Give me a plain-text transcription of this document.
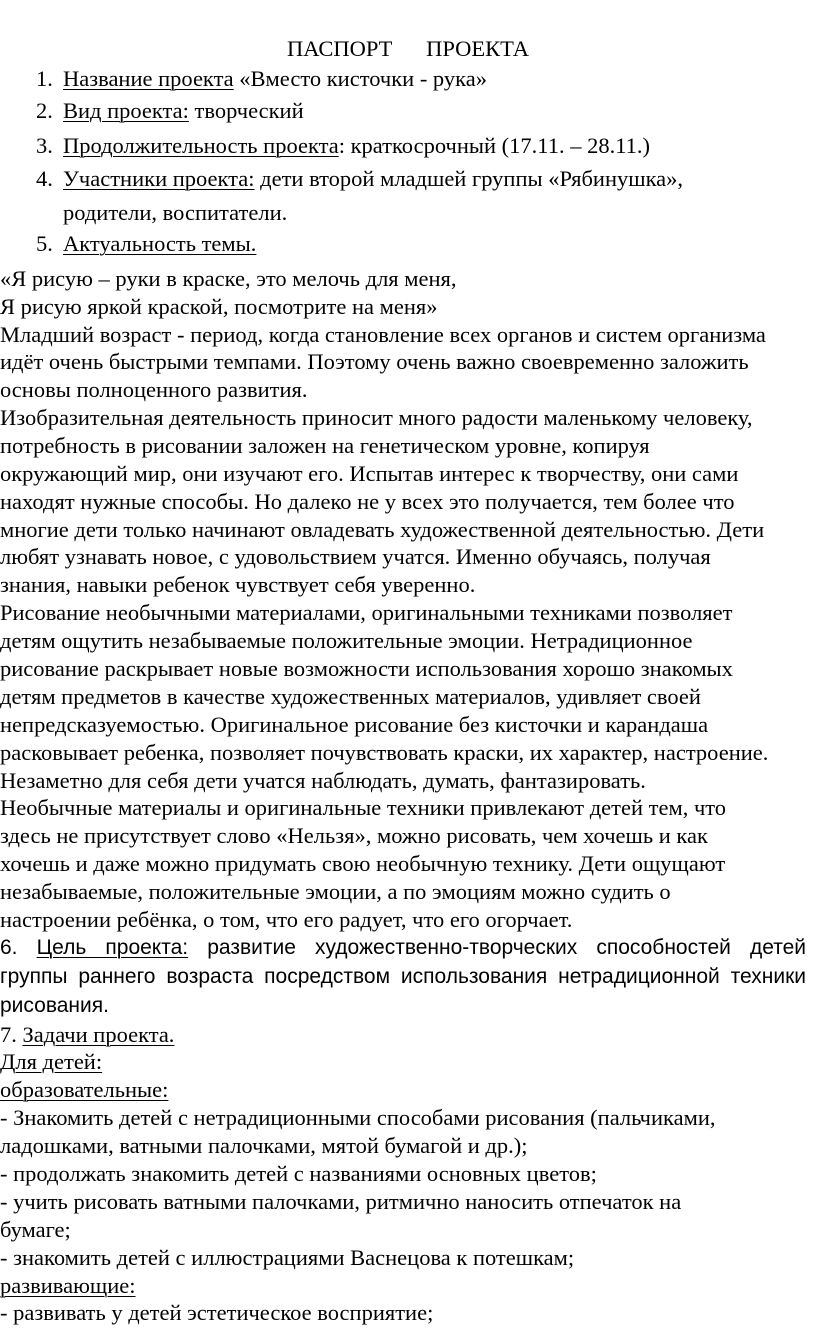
ПАСПОРТ      ПРОЕКТА
1. Название проекта «Вместо кисточки - рука»
2. Вид проекта: творческий
3. Продолжительность проекта: краткосрочный (17.11. – 28.11.)
4. Участники проекта: дети второй младшей группы «Рябинушка»,
родители, воспитатели.
5. Актуальность темы.
«Я рисую – руки в краске, это мелочь для меня,
Я рисую яркой краской, посмотрите на меня»
Младший возраст - период, когда становление всех органов и систем организма
идёт очень быстрыми темпами. Поэтому очень важно своевременно заложить
основы полноценного развития.
Изобразительная деятельность приносит много радости маленькому человеку,
потребность в рисовании заложен на генетическом уровне, копируя
окружающий мир, они изучают его. Испытав интерес к творчеству, они сами
находят нужные способы. Но далеко не у всех это получается, тем более что
многие дети только начинают овладевать художественной деятельностью. Дети
любят узнавать новое, с удовольствием учатся. Именно обучаясь, получая
знания, навыки ребенок чувствует себя уверенно.
Рисование необычными материалами, оригинальными техниками позволяет
детям ощутить незабываемые положительные эмоции. Нетрадиционное
рисование раскрывает новые возможности использования хорошо знакомых
детям предметов в качестве художественных материалов, удивляет своей
непредсказуемостью. Оригинальное рисование без кисточки и карандаша
расковывает ребенка, позволяет почувствовать краски, их характер, настроение.
Незаметно для себя дети учатся наблюдать, думать, фантазировать.
Необычные материалы и оригинальные техники привлекают детей тем, что
здесь не присутствует слово «Нельзя», можно рисовать, чем хочешь и как
хочешь и даже можно придумать свою необычную технику. Дети ощущают
незабываемые, положительные эмоции, а по эмоциям можно судить о
настроении ребёнка, о том, что его радует, что его огорчает.
6. Цель проекта: развитие художественно-творческих способностей детей
группы раннего возраста посредством использования нетрадиционной техники
рисования.
7. Задачи проекта.
Для детей:
образовательные:
- Знакомить детей с нетрадиционными способами рисования (пальчиками,
ладошками, ватными палочками, мятой бумагой и др.);
- продолжать знакомить детей с названиями основных цветов;
- учить рисовать ватными палочками, ритмично наносить отпечаток на
бумаге;
- знакомить детей с иллюстрациями Васнецова к потешкам;
развивающие:
- развивать у детей эстетическое восприятие;
